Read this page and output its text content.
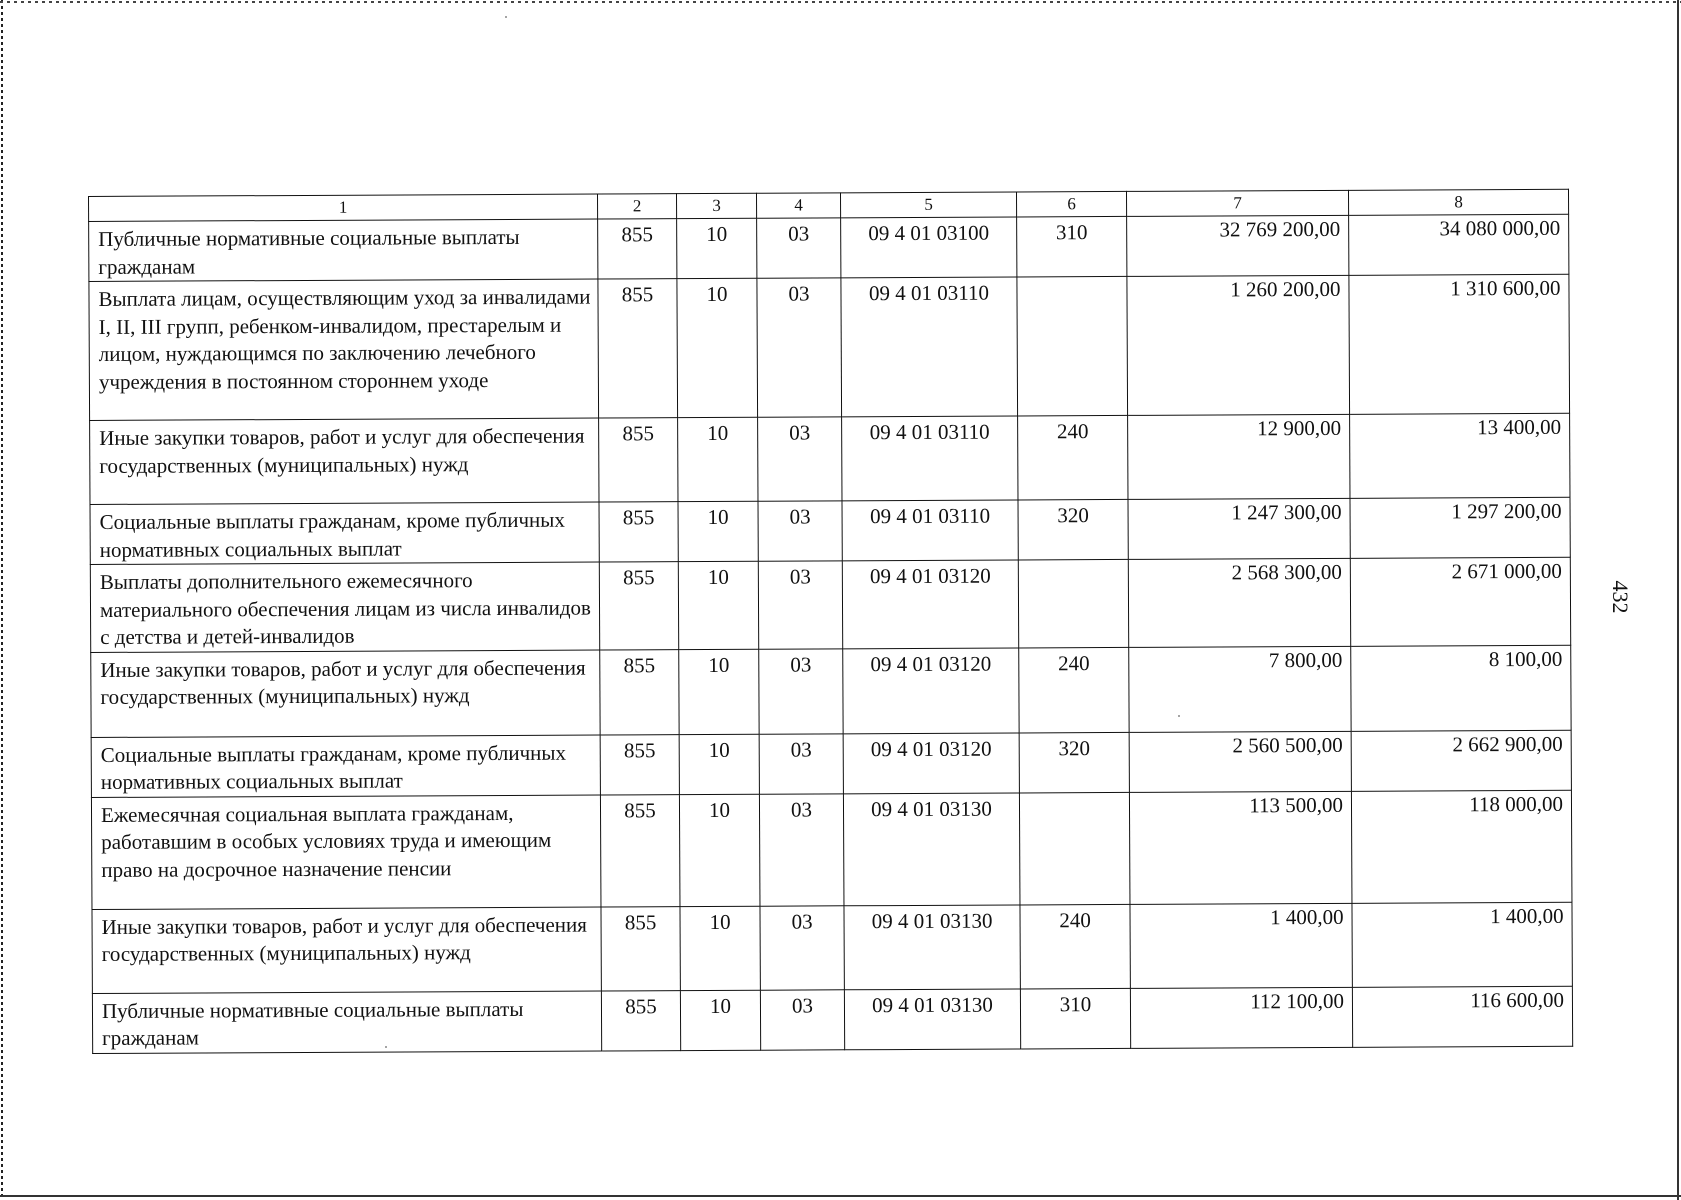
432
1	2	3	4	5	6	7	8
Публичные нормативные социальные выплаты гражданам	855	10	03	09 4 01 03100	310	32 769 200,00	34 080 000,00
Выплата лицам, осуществляющим уход за инвалидами I, II, III групп, ребенком-инвалидом, престарелым и лицом, нуждающимся по заключению лечебного учреждения в постоянном стороннем уходе	855	10	03	09 4 01 03110		1 260 200,00	1 310 600,00
Иные закупки товаров, работ и услуг для обеспечения государственных (муниципальных) нужд	855	10	03	09 4 01 03110	240	12 900,00	13 400,00
Социальные выплаты гражданам, кроме публичных нормативных социальных выплат	855	10	03	09 4 01 03110	320	1 247 300,00	1 297 200,00
Выплаты дополнительного ежемесячного материального обеспечения лицам из числа инвалидов с детства и детей-инвалидов	855	10	03	09 4 01 03120		2 568 300,00	2 671 000,00
Иные закупки товаров, работ и услуг для обеспечения государственных (муниципальных) нужд	855	10	03	09 4 01 03120	240	7 800,00	8 100,00
Социальные выплаты гражданам, кроме публичных нормативных социальных выплат	855	10	03	09 4 01 03120	320	2 560 500,00	2 662 900,00
Ежемесячная социальная выплата гражданам, работавшим в особых условиях труда и имеющим право на досрочное назначение пенсии	855	10	03	09 4 01 03130		113 500,00	118 000,00
Иные закупки товаров, работ и услуг для обеспечения государственных (муниципальных) нужд	855	10	03	09 4 01 03130	240	1 400,00	1 400,00
Публичные нормативные социальные выплаты гражданам	855	10	03	09 4 01 03130	310	112 100,00	116 600,00
